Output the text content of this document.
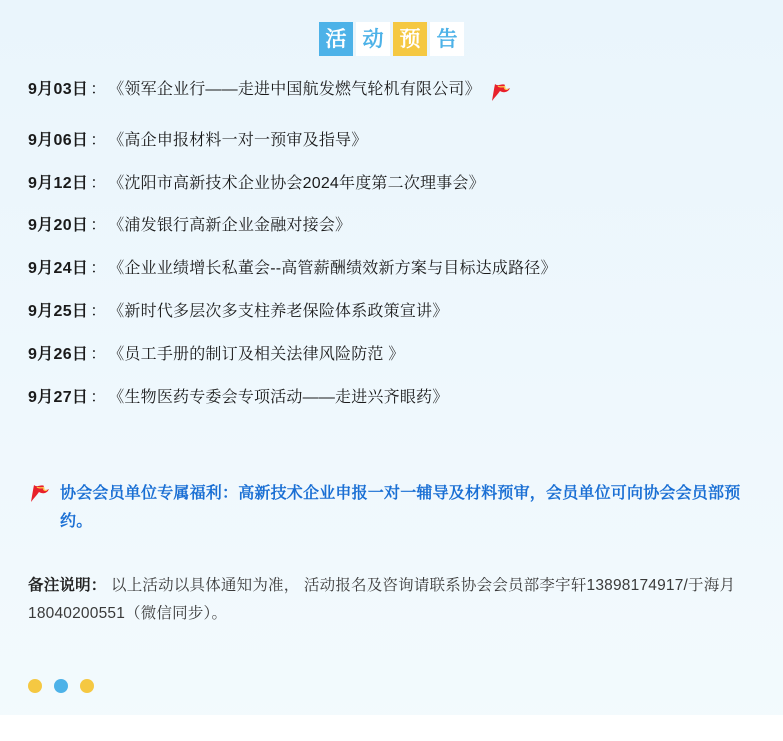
活 动 预 告
9月03日 ： 《领军企业行——走进中国航发燃气轮机有限公司》
9月06日 ： 《高企申报材料一对一预审及指导》
9月12日 ： 《沈阳市高新技术企业协会2024年度第二次理事会》
9月20日 ： 《浦发银行高新企业金融对接会》
9月24日 ： 《企业业绩增长私董会--高管薪酬绩效新方案与目标达成路径》
9月25日 ： 《新时代多层次多支柱养老保险体系政策宣讲》
9月26日 ： 《员工手册的制订及相关法律风险防范 》
9月27日 ： 《生物医药专委会专项活动——走进兴齐眼药》
协会会员单位专属福利：高新技术企业申报一对一辅导及材料预审，会员单位可向协会会员部预约。
备注说明： 以上活动以具体通知为准， 活动报名及咨询请联系协会会员部李宇轩13898174917/于海月18040200551（微信同步）。
